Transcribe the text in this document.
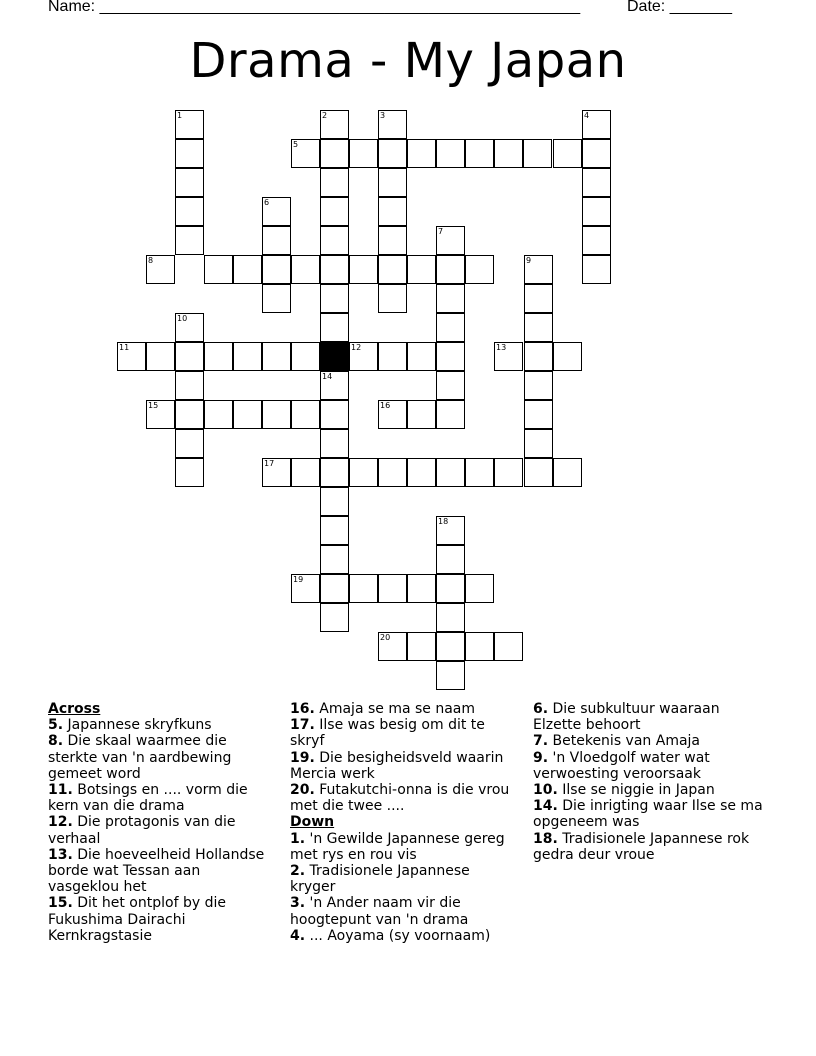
Name: ______________________________________________________	Date: _______
Drama - My Japan
1	2	3	4
5
6
7
8	9
10
11	12	13
14
15	16
17
18
19
20
Across
5. Japannese skryfkuns
8. Die skaal waarmee die sterkte van 'n aardbewing gemeet word
11. Botsings en .... vorm die kern van die drama
12. Die protagonis van die verhaal
13. Die hoeveelheid Hollandse borde wat Tessan aan vasgeklou het
15. Dit het ontplof by die Fukushima Dairachi Kernkragstasie
16. Amaja se ma se naam
17. Ilse was besig om dit te skryf
19. Die besigheidsveld waarin Mercia werk
20. Futakutchi-onna is die vrou met die twee ....
Down
1. 'n Gewilde Japannese gereg met rys en rou vis
2. Tradisionele Japannese kryger
3. 'n Ander naam vir die hoogtepunt van 'n drama
4. ... Aoyama (sy voornaam)
6. Die subkultuur waaraan Elzette behoort
7. Betekenis van Amaja
9. 'n Vloedgolf water wat verwoesting veroorsaak
10. Ilse se niggie in Japan
14. Die inrigting waar Ilse se ma opgeneem was
18. Tradisionele Japannese rok gedra deur vroue
